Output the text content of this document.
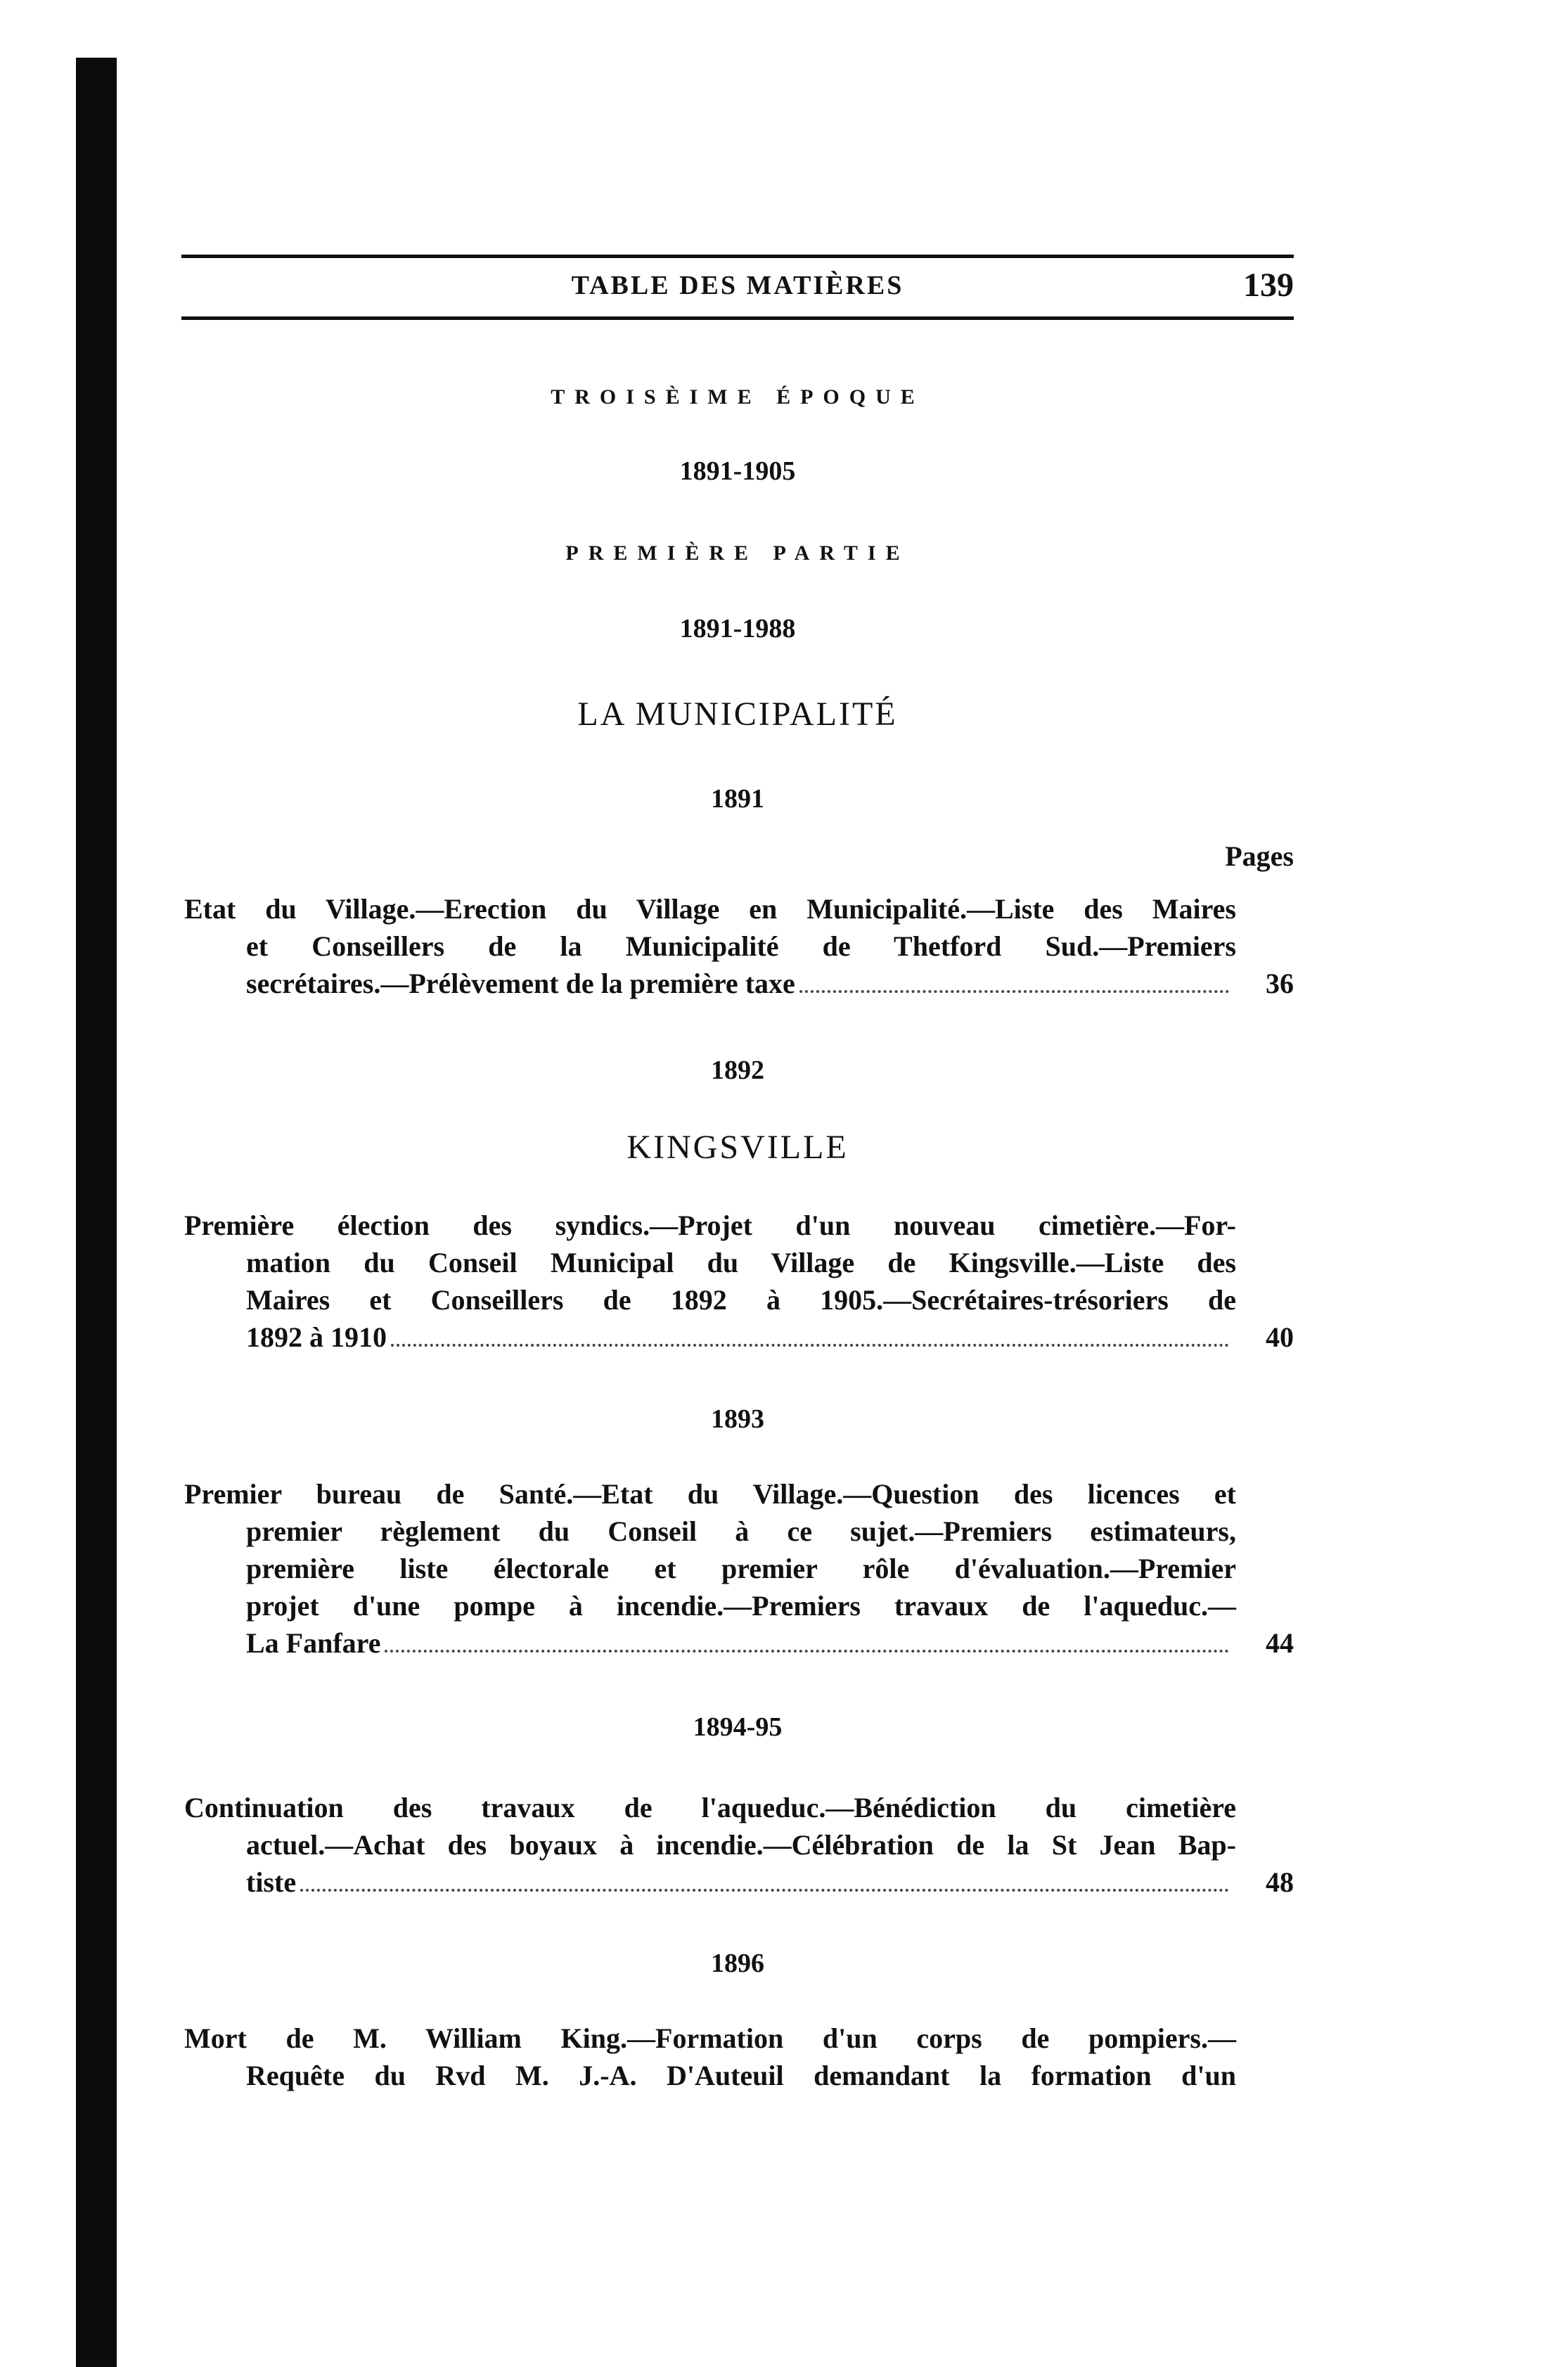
TABLE DES MATIÈRES	139
TROISÈIME ÉPOQUE
1891-1905
PREMIÈRE PARTIE
1891-1988
LA MUNICIPALITÉ
1891
Pages
Etat du Village.—Erection du Village en Municipalité.—Liste des Maires
et Conseillers de la Municipalité de Thetford Sud.—Premiers
secrétaires.—Prélèvement de la première taxe	36
1892
KINGSVILLE
Première élection des syndics.—Projet d'un nouveau cimetière.—For-
mation du Conseil Municipal du Village de Kingsville.—Liste des
Maires et Conseillers de 1892 à 1905.—Secrétaires-trésoriers de
1892 à 1910	40
1893
Premier bureau de Santé.—Etat du Village.—Question des licences et
premier règlement du Conseil à ce sujet.—Premiers estimateurs,
première liste électorale et premier rôle d'évaluation.—Premier
projet d'une pompe à incendie.—Premiers travaux de l'aqueduc.—
La Fanfare	44
1894-95
Continuation des travaux de l'aqueduc.—Bénédiction du cimetière
actuel.—Achat des boyaux à incendie.—Célébration de la St Jean Bap-
tiste	48
1896
Mort de M. William King.—Formation d'un corps de pompiers.—
Requête du Rvd M. J.-A. D'Auteuil demandant la formation d'un
